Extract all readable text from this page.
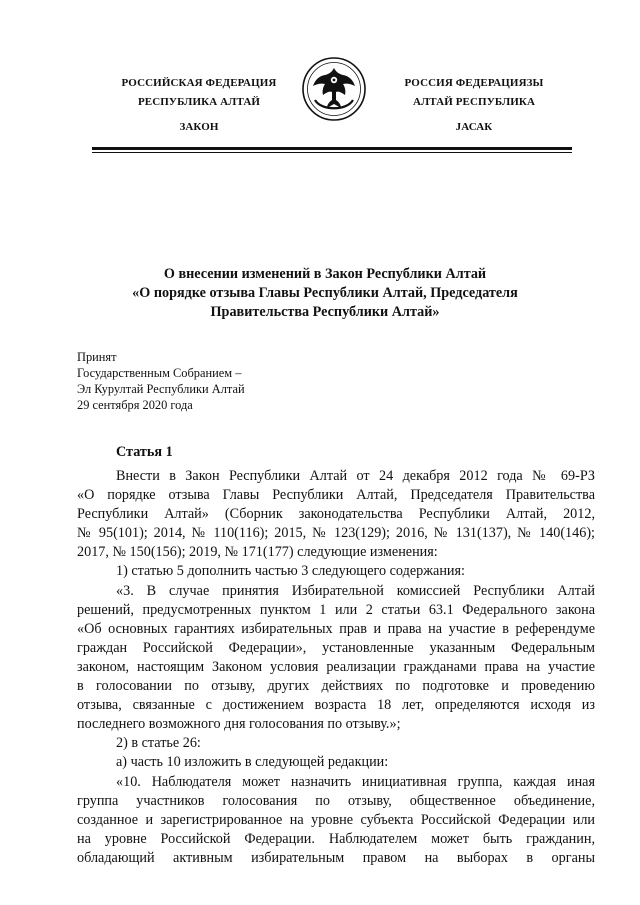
РОССИЙСКАЯ ФЕДЕРАЦИЯ
РЕСПУБЛИКА АЛТАЙ
ЗАКОН
РОССИЯ ФЕДЕРАЦИЯЗЫ
АЛТАЙ РЕСПУБЛИКА
JАСАК
О внесении изменений в Закон Республики Алтай
«О порядке отзыва Главы Республики Алтай, Председателя
Правительства Республики Алтай»
Принят
Государственным Собранием –
Эл Курултай Республики Алтай
29 сентября 2020 года
Статья 1

Внести в Закон Республики Алтай от 24 декабря 2012 года № 69-РЗ

«О порядке отзыва Главы Республики Алтай, Председателя Правительства

Республики Алтай» (Сборник законодательства Республики Алтай, 2012,

№ 95(101); 2014, № 110(116); 2015, № 123(129); 2016, № 131(137), № 140(146);

2017, № 150(156); 2019, № 171(177) следующие изменения:

1) статью 5 дополнить частью 3 следующего содержания:

«3. В случае принятия Избирательной комиссией Республики Алтай

решений, предусмотренных пунктом 1 или 2 статьи 63.1 Федерального закона

«Об основных гарантиях избирательных прав и права на участие в референдуме

граждан Российской Федерации», установленные указанным Федеральным

законом, настоящим Законом условия реализации гражданами права на участие

в голосовании по отзыву, других действиях по подготовке и проведению

отзыва, связанные с достижением возраста 18 лет, определяются исходя из

последнего возможного дня голосования по отзыву.»;

2) в статье 26:

а) часть 10 изложить в следующей редакции:

«10. Наблюдателя может назначить инициативная группа, каждая иная

группа участников голосования по отзыву, общественное объединение,

созданное и зарегистрированное на уровне субъекта Российской Федерации или

на уровне Российской Федерации. Наблюдателем может быть гражданин,

обладающий активным избирательным правом на выборах в органы
